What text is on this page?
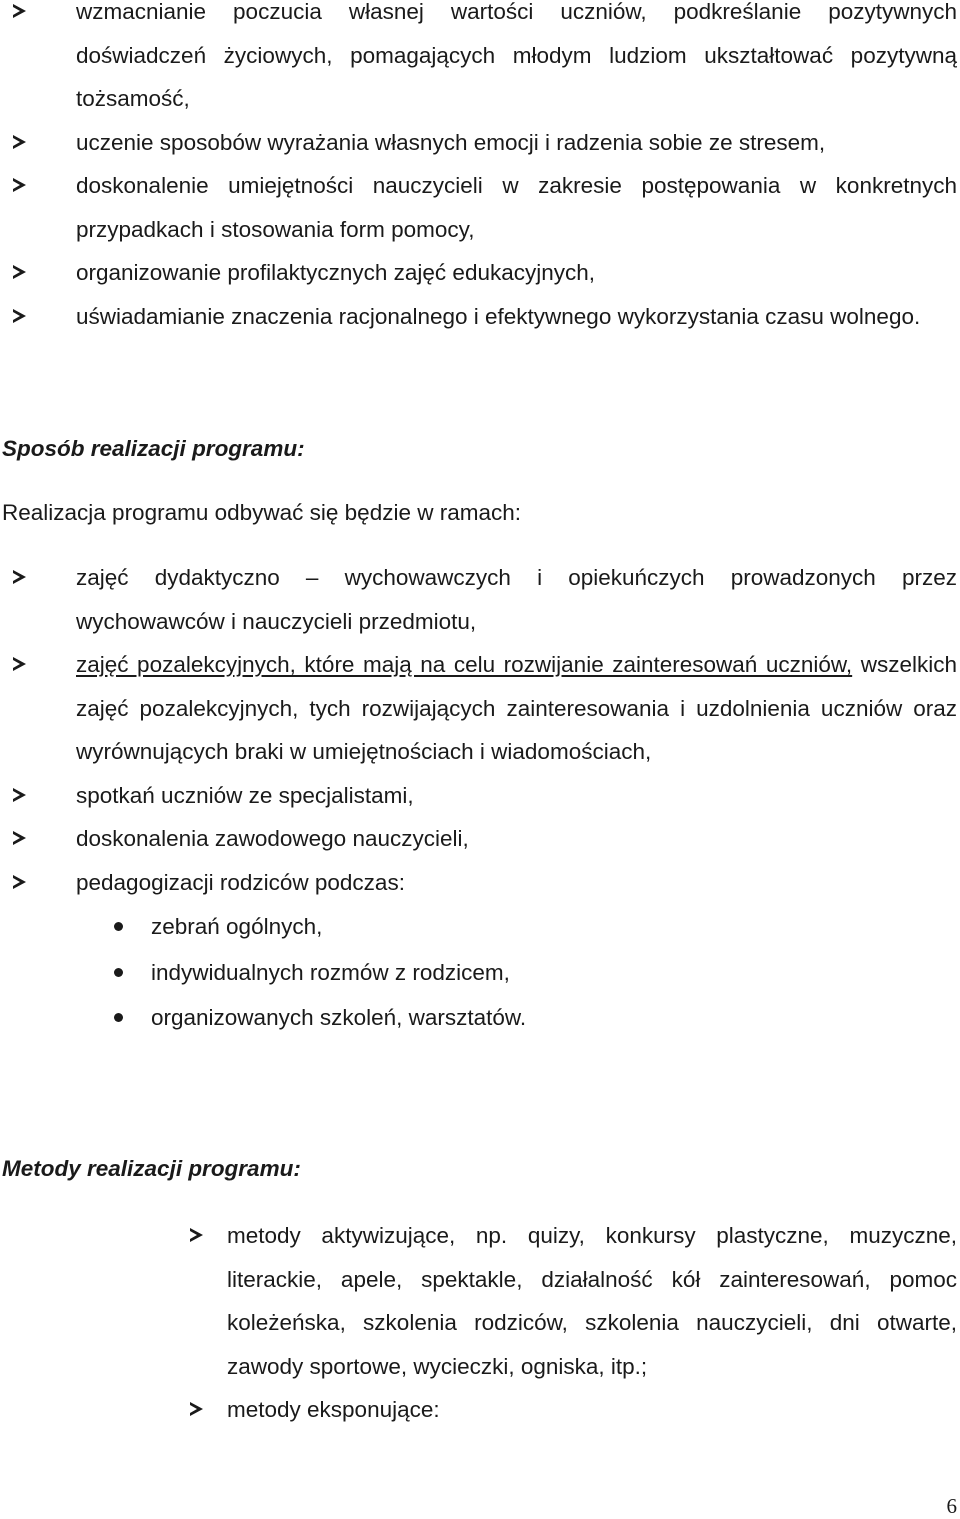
wzmacnianie poczucia własnej wartości uczniów, podkreślanie pozytywnych doświadczeń życiowych, pomagających młodym ludziom ukształtować pozytywną tożsamość,
uczenie sposobów wyrażania własnych emocji i radzenia sobie ze stresem,
doskonalenie umiejętności nauczycieli w zakresie postępowania w konkretnych przypadkach i stosowania form pomocy,
organizowanie profilaktycznych zajęć edukacyjnych,
uświadamianie znaczenia racjonalnego i efektywnego wykorzystania czasu wolnego.
Sposób realizacji programu:

Realizacja programu odbywać się będzie w ramach:

zajęć dydaktyczno – wychowawczych i opiekuńczych prowadzonych przez wychowawców i nauczycieli przedmiotu,
zajęć pozalekcyjnych, które mają na celu rozwijanie zainteresowań uczniów, wszelkich zajęć pozalekcyjnych, tych rozwijających zainteresowania i uzdolnienia uczniów oraz wyrównujących braki w umiejętnościach i wiadomościach,
spotkań uczniów ze specjalistami,
doskonalenia zawodowego nauczycieli,
pedagogizacji rodziców podczas:
zebrań ogólnych,
indywidualnych rozmów z rodzicem,
organizowanych szkoleń, warsztatów.
Metody realizacji programu:
metody aktywizujące, np. quizy, konkursy plastyczne, muzyczne, literackie, apele, spektakle, działalność kół zainteresowań, pomoc koleżeńska, szkolenia rodziców, szkolenia nauczycieli, dni otwarte, zawody sportowe, wycieczki, ogniska, itp.;
metody eksponujące:
6
